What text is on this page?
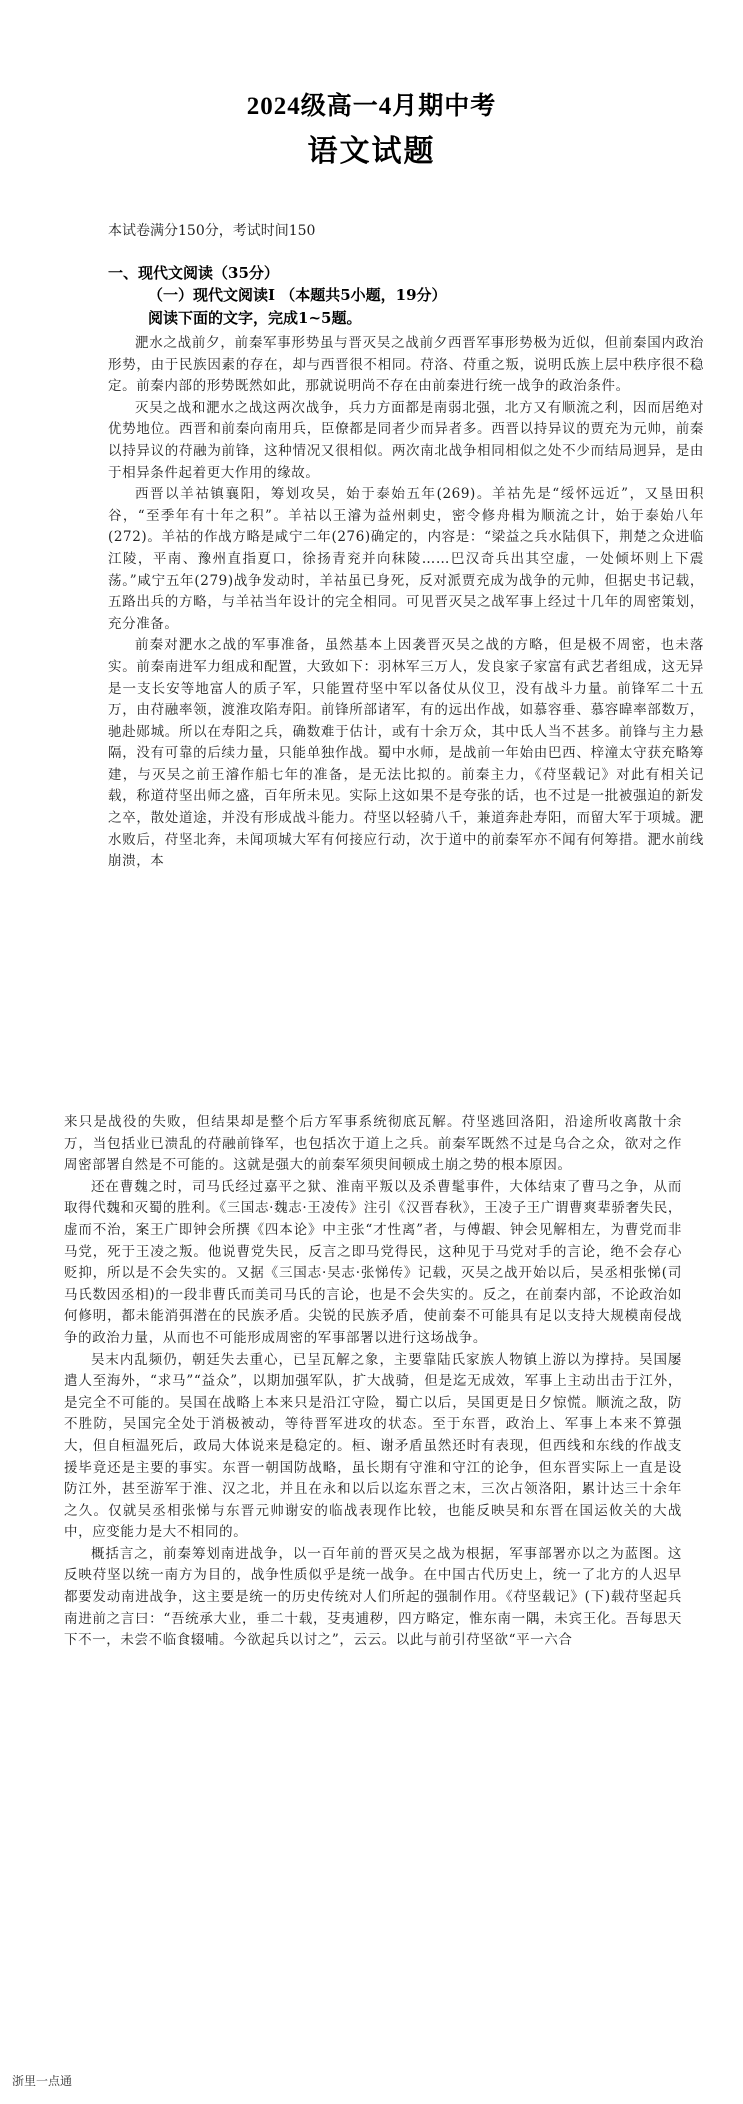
2024级高一4月期中考
语文试题
本试卷满分150分，考试时间150
一、现代文阅读（35分）
（一）现代文阅读Ⅰ （本题共5小题，19分）
阅读下面的文字，完成1~5题。

淝水之战前夕，前秦军事形势虽与晋灭吴之战前夕西晋军事形势极为近似，但前秦国内政治形势，由于民族因素的存在，却与西晋很不相同。苻洛、苻重之叛，说明氐族上层中秩序很不稳定。前秦内部的形势既然如此，那就说明尚不存在由前秦进行统一战争的政治条件。

灭吴之战和淝水之战这两次战争，兵力方面都是南弱北强，北方又有顺流之利，因而居绝对优势地位。西晋和前秦向南用兵，臣僚都是同者少而异者多。西晋以持异议的贾充为元帅，前秦以持异议的苻融为前锋，这种情况又很相似。两次南北战争相同相似之处不少而结局迥异，是由于相异条件起着更大作用的缘故。

西晋以羊祜镇襄阳，筹划攻吴，始于泰始五年(269)。羊祜先是“绥怀远近”，又垦田积谷，“至季年有十年之积”。羊祜以王濬为益州刺史，密令修舟楫为顺流之计，始于泰始八年(272)。羊祜的作战方略是咸宁二年(276)确定的，内容是：“梁益之兵水陆俱下，荆楚之众进临江陵，平南、豫州直指夏口，徐扬青兖并向秣陵……巴汉奇兵出其空虚，一处倾坏则上下震荡。”咸宁五年(279)战争发动时，羊祜虽已身死，反对派贾充成为战争的元帅，但据史书记载，五路出兵的方略，与羊祜当年设计的完全相同。可见晋灭吴之战军事上经过十几年的周密策划，充分准备。

前秦对淝水之战的军事准备，虽然基本上因袭晋灭吴之战的方略，但是极不周密，也未落实。前秦南进军力组成和配置，大致如下：羽林军三万人，发良家子家富有武艺者组成，这无异是一支长安等地富人的质子军，只能置苻坚中军以备仗从仪卫，没有战斗力量。前锋军二十五万，由苻融率领，渡淮攻陷寿阳。前锋所部诸军，有的远出作战，如慕容垂、慕容暐率部数万，驰赴郧城。所以在寿阳之兵，确数难于估计，或有十余万众，其中氐人当不甚多。前锋与主力悬隔，没有可靠的后续力量，只能单独作战。蜀中水师，是战前一年始由巴西、梓潼太守获充略筹建，与灭吴之前王濬作船七年的准备，是无法比拟的。前秦主力，《苻坚载记》对此有相关记载，称道苻坚出师之盛，百年所未见。实际上这如果不是夸张的话，也不过是一批被强迫的新发之卒，散处道途，并没有形成战斗能力。苻坚以轻骑八千，兼道奔赴寿阳，而留大军于项城。淝水败后，苻坚北奔，未闻项城大军有何接应行动，次于道中的前秦军亦不闻有何筹措。淝水前线崩溃，本

来只是战役的失败，但结果却是整个后方军事系统彻底瓦解。苻坚逃回洛阳，沿途所收离散十余万，当包括业已溃乱的苻融前锋军，也包括次于道上之兵。前秦军既然不过是乌合之众，欲对之作周密部署自然是不可能的。这就是强大的前秦军须臾间顿成土崩之势的根本原因。

还在曹魏之时，司马氏经过嘉平之狱、淮南平叛以及杀曹髦事件，大体结束了曹马之争，从而取得代魏和灭蜀的胜利。《三国志·魏志·王凌传》注引《汉晋春秋》，王凌子王广谓曹爽辈骄奢失民，虚而不治，案王广即钟会所撰《四本论》中主张“才性离”者，与傅嘏、钟会见解相左，为曹党而非马党，死于王凌之叛。他说曹党失民，反言之即马党得民，这种见于马党对手的言论，绝不会存心贬抑，所以是不会失实的。又据《三国志·吴志·张悌传》记载，灭吴之战开始以后，吴丞相张悌(司马氏数因丞相)的一段非曹氏而美司马氏的言论，也是不会失实的。反之，在前秦内部，不论政治如何修明，都未能消弭潜在的民族矛盾。尖锐的民族矛盾，使前秦不可能具有足以支持大规模南侵战争的政治力量，从而也不可能形成周密的军事部署以进行这场战争。

吴末内乱频仍，朝廷失去重心，已呈瓦解之象，主要靠陆氏家族人物镇上游以为撑持。吴国屡遣人至海外，“求马”“益众”，以期加强军队，扩大战骑，但是迄无成效，军事上主动出击于江外，是完全不可能的。吴国在战略上本来只是沿江守险，蜀亡以后，吴国更是日夕惊慌。顺流之敌，防不胜防，吴国完全处于消极被动，等待晋军进攻的状态。至于东晋，政治上、军事上本来不算强大，但自桓温死后，政局大体说来是稳定的。桓、谢矛盾虽然还时有表现，但西线和东线的作战支援毕竟还是主要的事实。东晋一朝国防战略，虽长期有守淮和守江的论争，但东晋实际上一直是设防江外，甚至游军于淮、汉之北，并且在永和以后以迄东晋之末，三次占领洛阳，累计达三十余年之久。仅就吴丞相张悌与东晋元帅谢安的临战表现作比较，也能反映吴和东晋在国运攸关的大战中，应变能力是大不相同的。

概括言之，前秦筹划南进战争，以一百年前的晋灭吴之战为根据，军事部署亦以之为蓝图。这反映苻坚以统一南方为目的，战争性质似乎是统一战争。在中国古代历史上，统一了北方的人迟早都要发动南进战争，这主要是统一的历史传统对人们所起的强制作用。《苻坚载记》(下)载苻坚起兵南进前之言曰：“吾统承大业，垂二十载，芟夷逋秽，四方略定，惟东南一隅，未宾王化。吾每思天下不一，未尝不临食辍哺。今欲起兵以讨之”，云云。以此与前引苻坚欲“平一六合

浙里一点通
